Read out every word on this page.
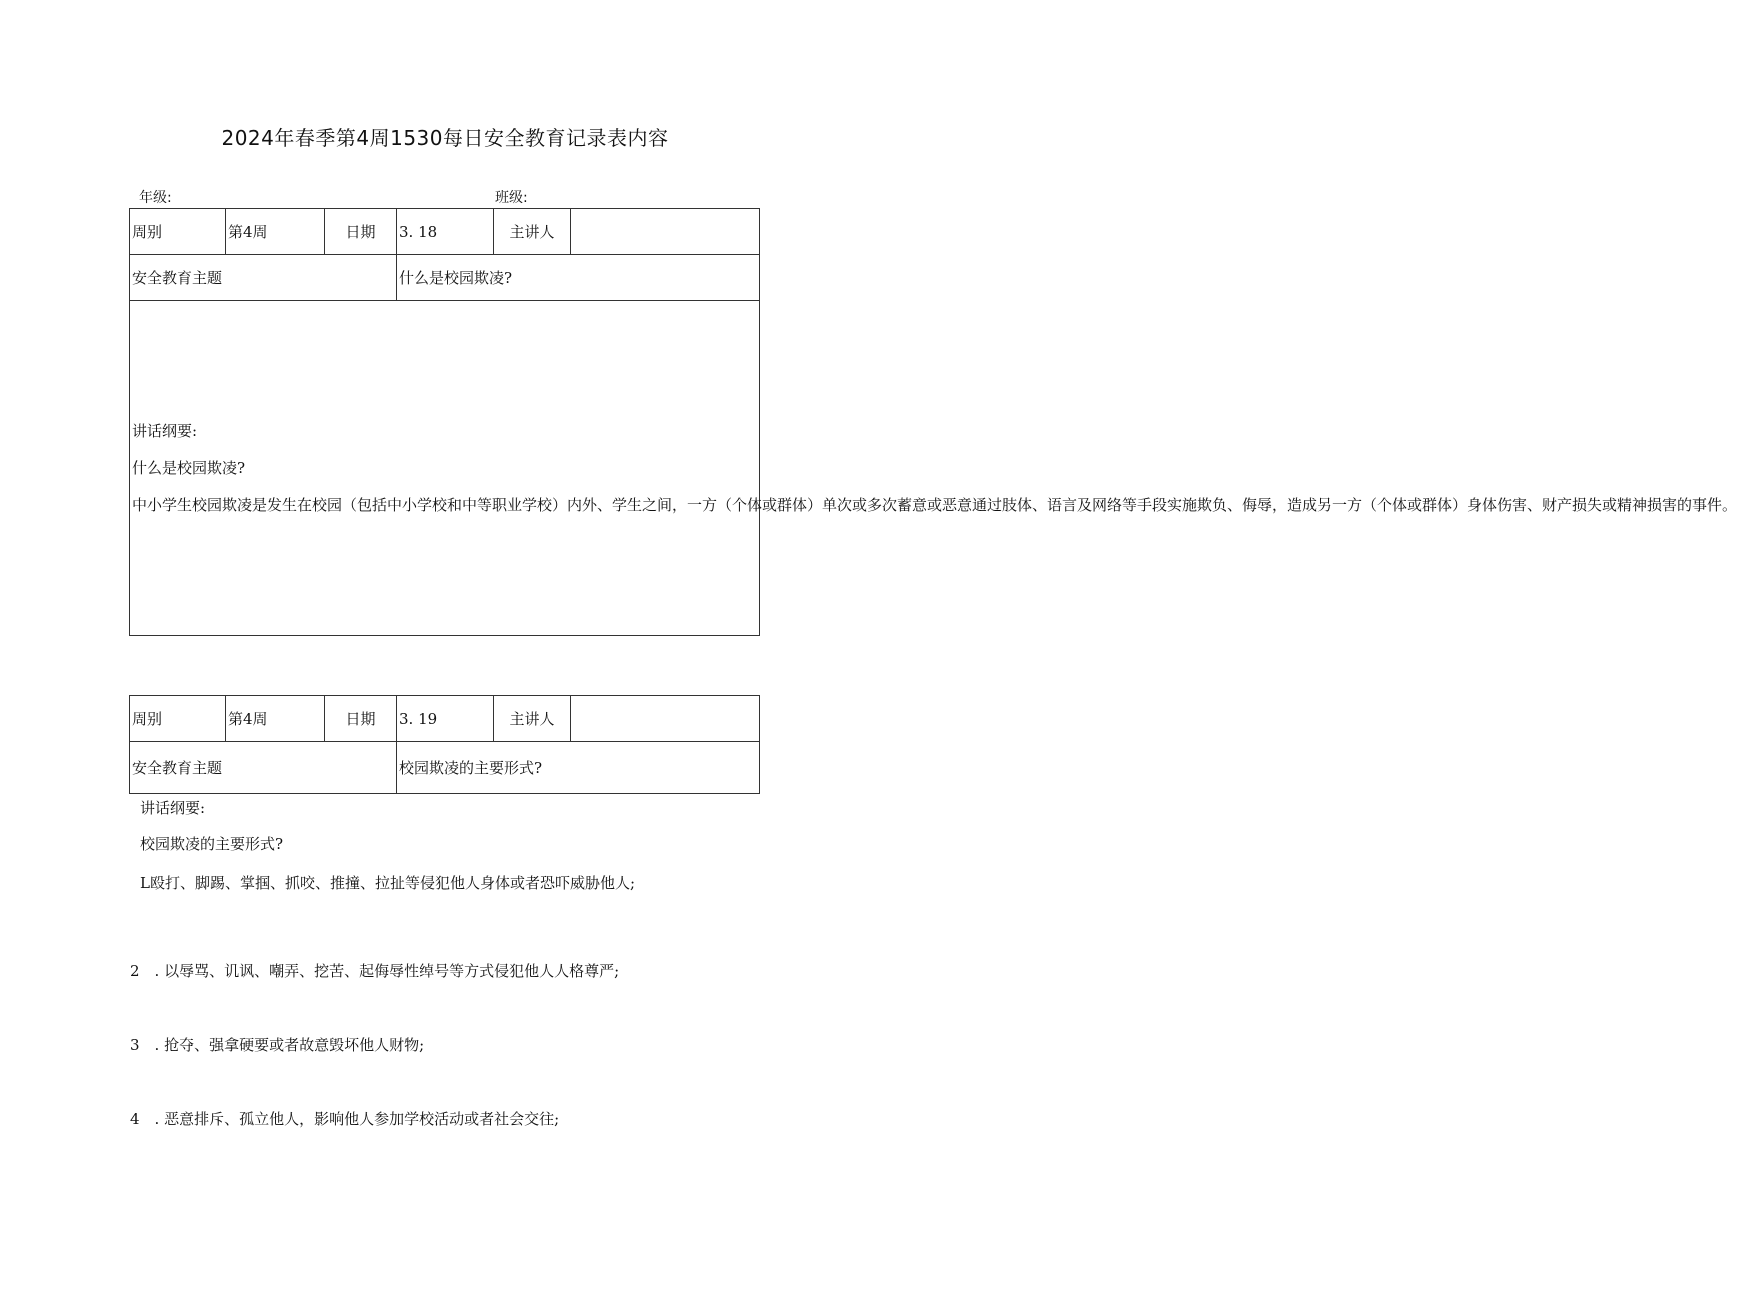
2024年春季第4周1530每日安全教育记录表内容
年级:	班级:
周别	第4周	日期	3. 18	主讲人	
安全教育主题			什么是校园欺凌?		

讲话纲要:

什么是校园欺凌?

中小学生校园欺凌是发生在校园（包括中小学校和中等职业学校）内外、学生之间，一方（个体或群体）单次或多次蓄意或恶意通过肢体、语言及网络等手段实施欺负、侮辱，造成另一方（个体或群体）身体伤害、财产损失或精神损害的事件。					

周别	第4周	日期	3. 19	主讲人	
安全教育主题			校园欺凌的主要形式?		
讲话纲要:
校园欺凌的主要形式?
L殴打、脚踢、掌掴、抓咬、推撞、拉扯等侵犯他人身体或者恐吓威胁他人;
2　. 以辱骂、讥讽、嘲弄、挖苦、起侮辱性绰号等方式侵犯他人人格尊严;
3　. 抢夺、强拿硬要或者故意毁坏他人财物;
4　. 恶意排斥、孤立他人，影响他人参加学校活动或者社会交往;
